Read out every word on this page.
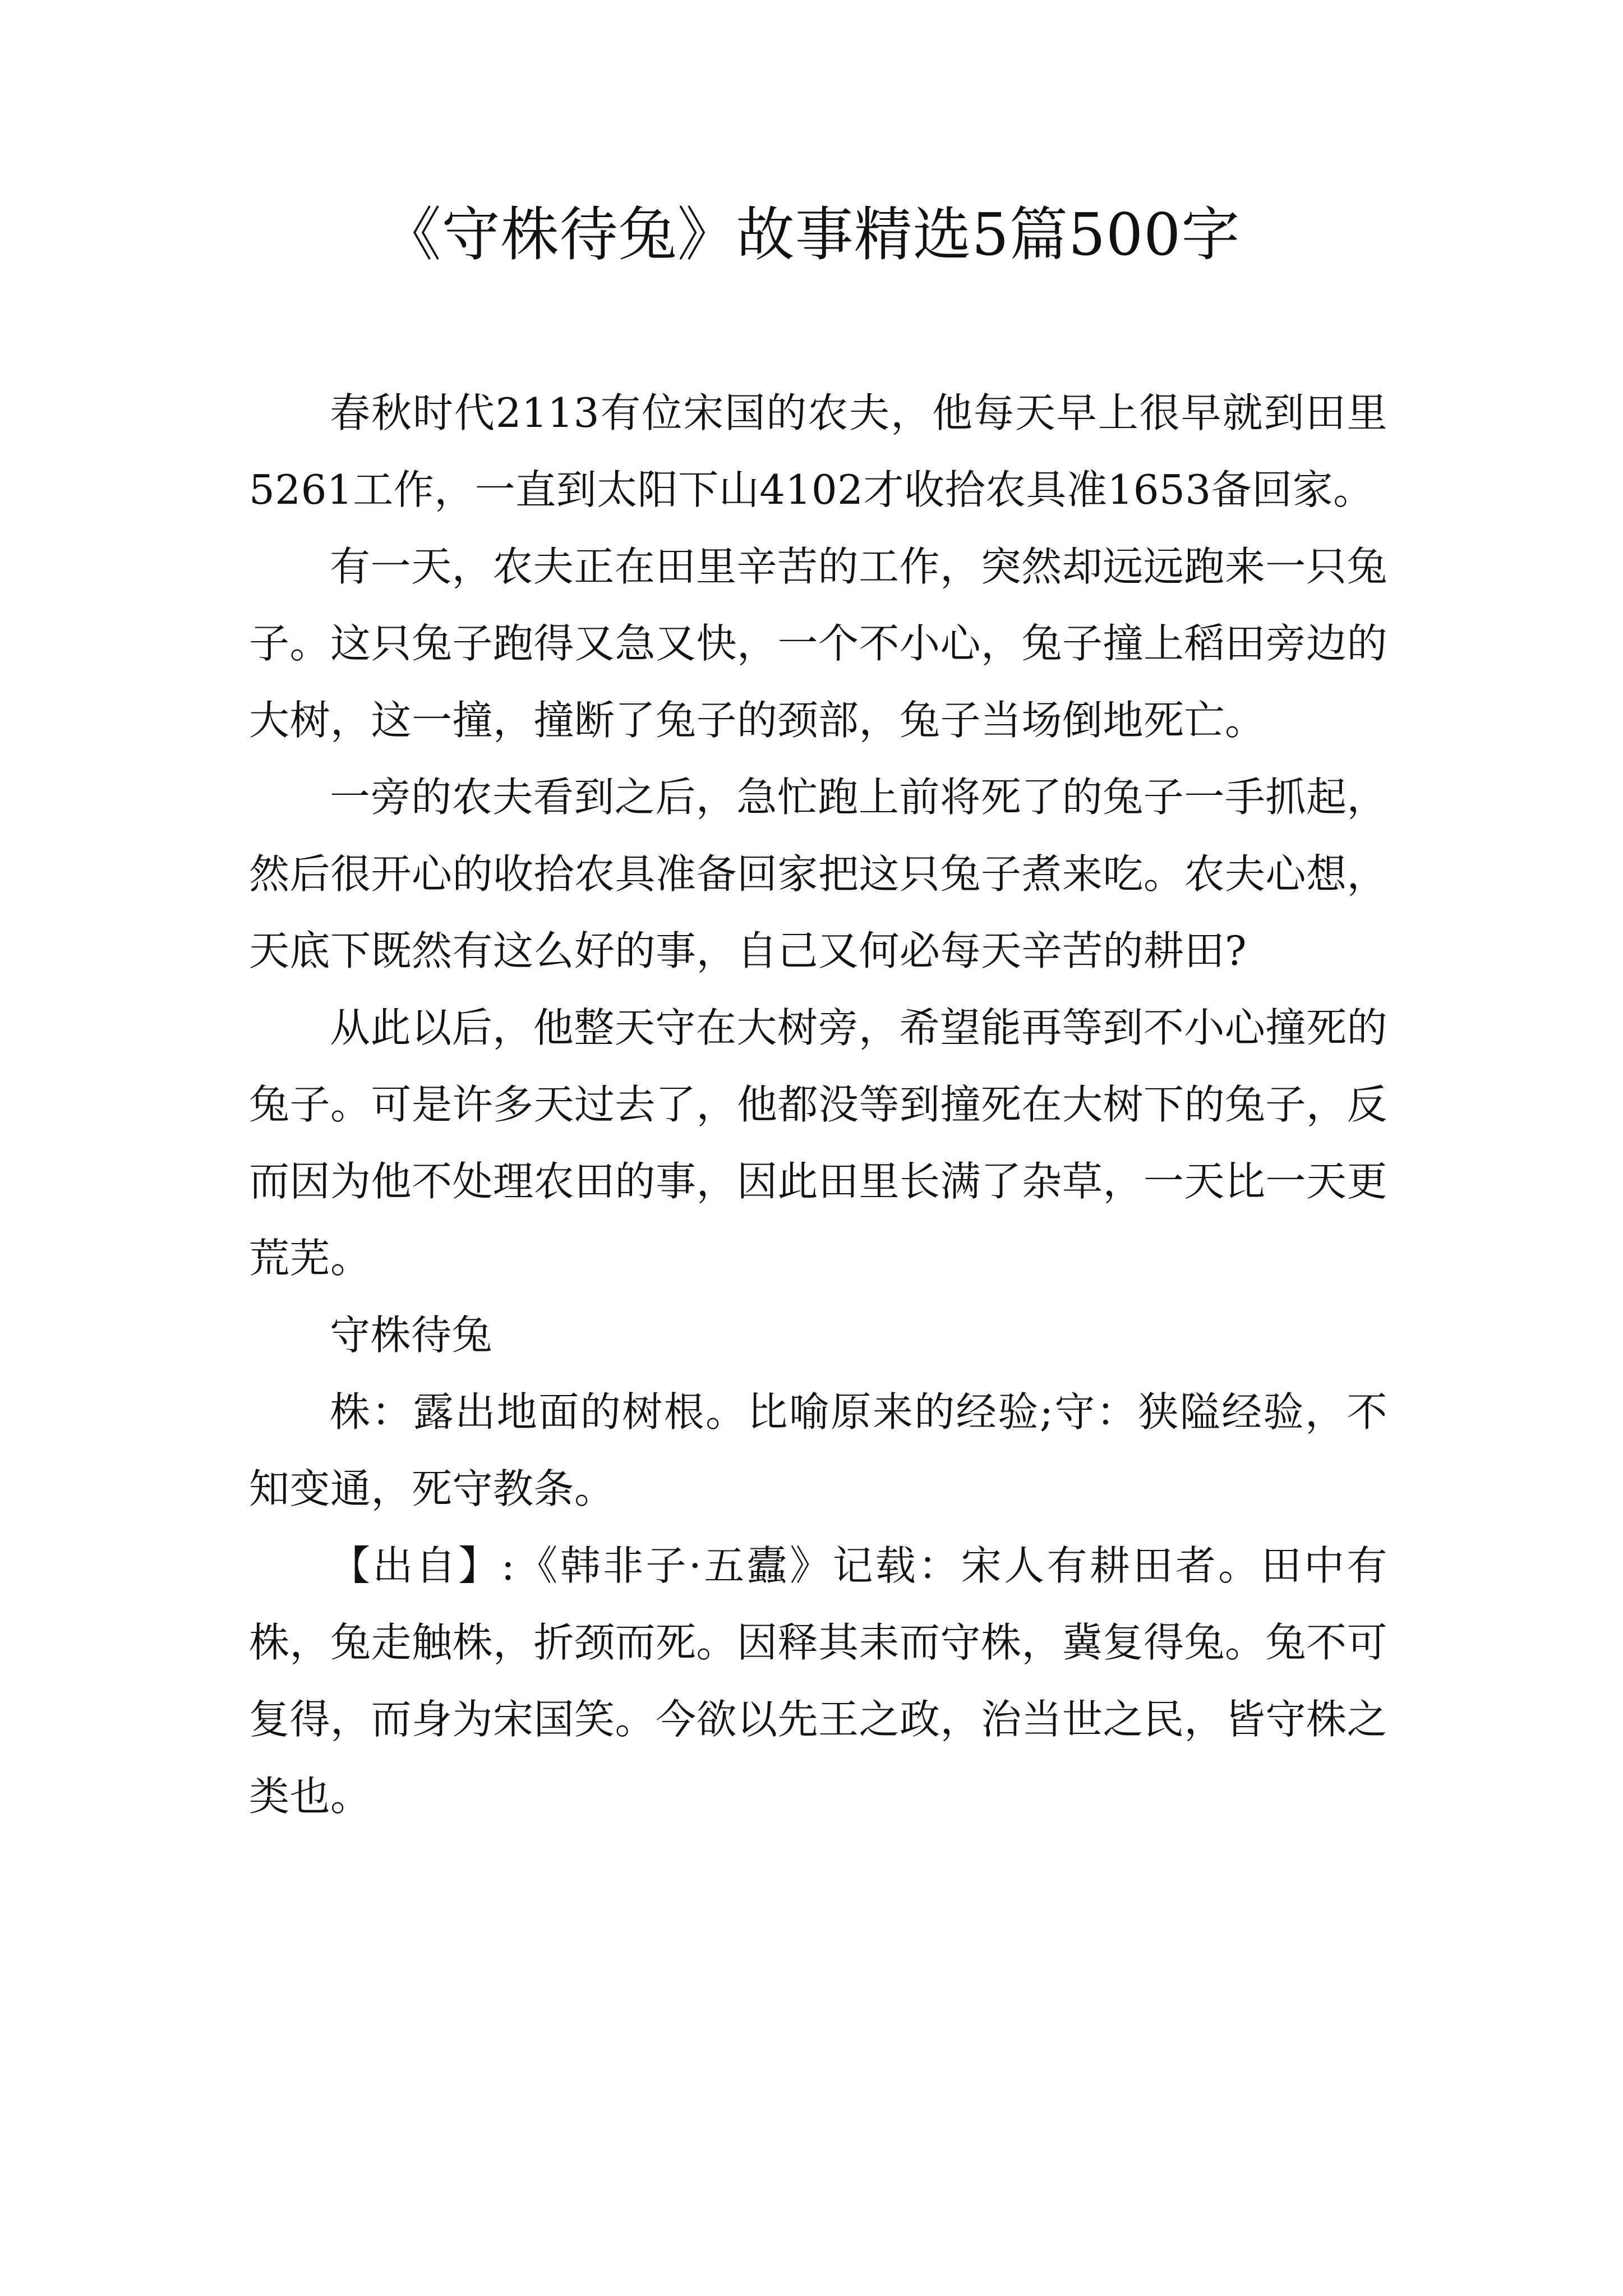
《守株待兔》故事精选5篇500字

春秋时代2113有位宋国的农夫，他每天早上很早就到田里5261工作，一直到太阳下山4102才收拾农具准1653备回家。

有一天，农夫正在田里辛苦的工作，突然却远远跑来一只兔子。这只兔子跑得又急又快，一个不小心，兔子撞上稻田旁边的大树，这一撞，撞断了兔子的颈部，兔子当场倒地死亡。

一旁的农夫看到之后，急忙跑上前将死了的兔子一手抓起，然后很开心的收拾农具准备回家把这只兔子煮来吃。农夫心想，天底下既然有这么好的事，自己又何必每天辛苦的耕田?

从此以后，他整天守在大树旁，希望能再等到不小心撞死的兔子。可是许多天过去了，他都没等到撞死在大树下的兔子，反而因为他不处理农田的事，因此田里长满了杂草，一天比一天更荒芜。

守株待兔

株：露出地面的树根。比喻原来的经验;守：狭隘经验，不知变通，死守教条。

【出自】:《韩非子·五蠹》记载：宋人有耕田者。田中有株，兔走触株，折颈而死。因释其耒而守株，冀复得兔。兔不可复得，而身为宋国笑。今欲以先王之政，治当世之民，皆守株之类也。
